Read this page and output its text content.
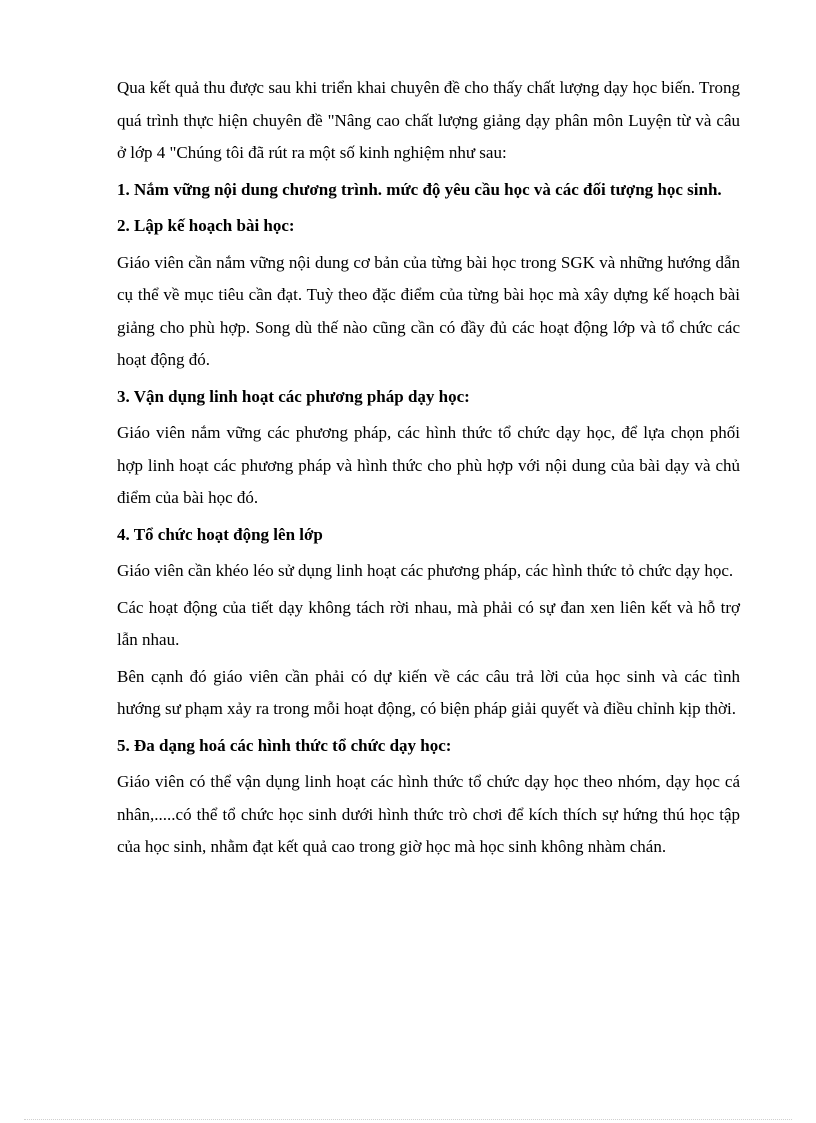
Qua kết quả thu được sau khi triển khai chuyên đề cho thấy chất lượng dạy học biến. Trong quá trình thực hiện chuyên đề "Nâng cao chất lượng giảng dạy phân môn Luyện từ và câu ở lớp 4 "Chúng tôi đã rút ra một số kinh nghiệm như sau:

1. Nắm vững nội dung chương trình. mức độ yêu cầu học và các đối tượng học sinh.

2. Lập kế hoạch bài học:

Giáo viên cần nắm vững nội dung cơ bản của từng bài học trong SGK và những hướng dẫn cụ thể về mục tiêu cần đạt. Tuỳ theo đặc điểm của từng bài học mà xây dựng kế hoạch bài giảng cho phù hợp. Song dù thế nào cũng cần có đầy đủ các hoạt động lớp và tổ chức các hoạt động đó.

3. Vận dụng linh hoạt các phương pháp dạy học:

Giáo viên nắm vững các phương pháp, các hình thức tổ chức dạy học, để lựa chọn phối hợp linh hoạt các phương pháp và hình thức cho phù hợp với nội dung của bài dạy và chủ điểm của bài học đó.

4. Tổ chức hoạt động lên lớp

Giáo viên cần khéo léo sử dụng linh hoạt các phương pháp, các hình thức tỏ chức dạy học.

Các hoạt động của tiết dạy không tách rời nhau, mà phải có sự đan xen liên kết và hỗ trợ lẫn nhau.

Bên cạnh đó giáo viên cần phải có dự kiến về các câu trả lời của học sinh và các tình hướng sư phạm xảy ra trong mỗi hoạt động, có biện pháp giải quyết và điều chỉnh kịp thời.

5. Đa dạng hoá các hình thức tổ chức dạy học:

Giáo viên có thể vận dụng linh hoạt các hình thức tổ chức dạy học theo nhóm, dạy học cá nhân,.....có thể tổ chức học sinh dưới hình thức trò chơi để kích thích sự hứng thú học tập của học sinh, nhằm đạt kết quả cao trong giờ học mà học sinh không nhàm chán.
